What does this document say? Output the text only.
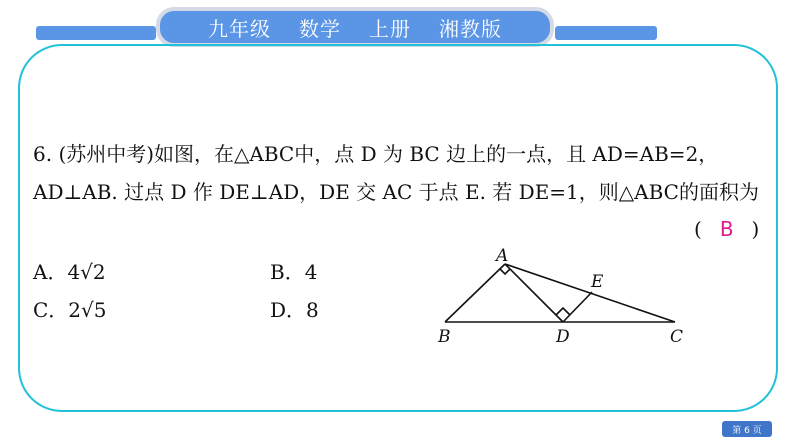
九年级 数学 上册 湘教版
6. (苏州中考)如图，在△ABC中，点 D 为 BC 边上的一点，且 AD=AB=2，
AD⊥AB. 过点 D 作 DE⊥AD，DE 交 AC 于点 E. 若 DE=1，则△ABC的面积为
( B )
A．4√2	B．4
C．2√5	D．8
A
B	C
D
E
第 6 页
